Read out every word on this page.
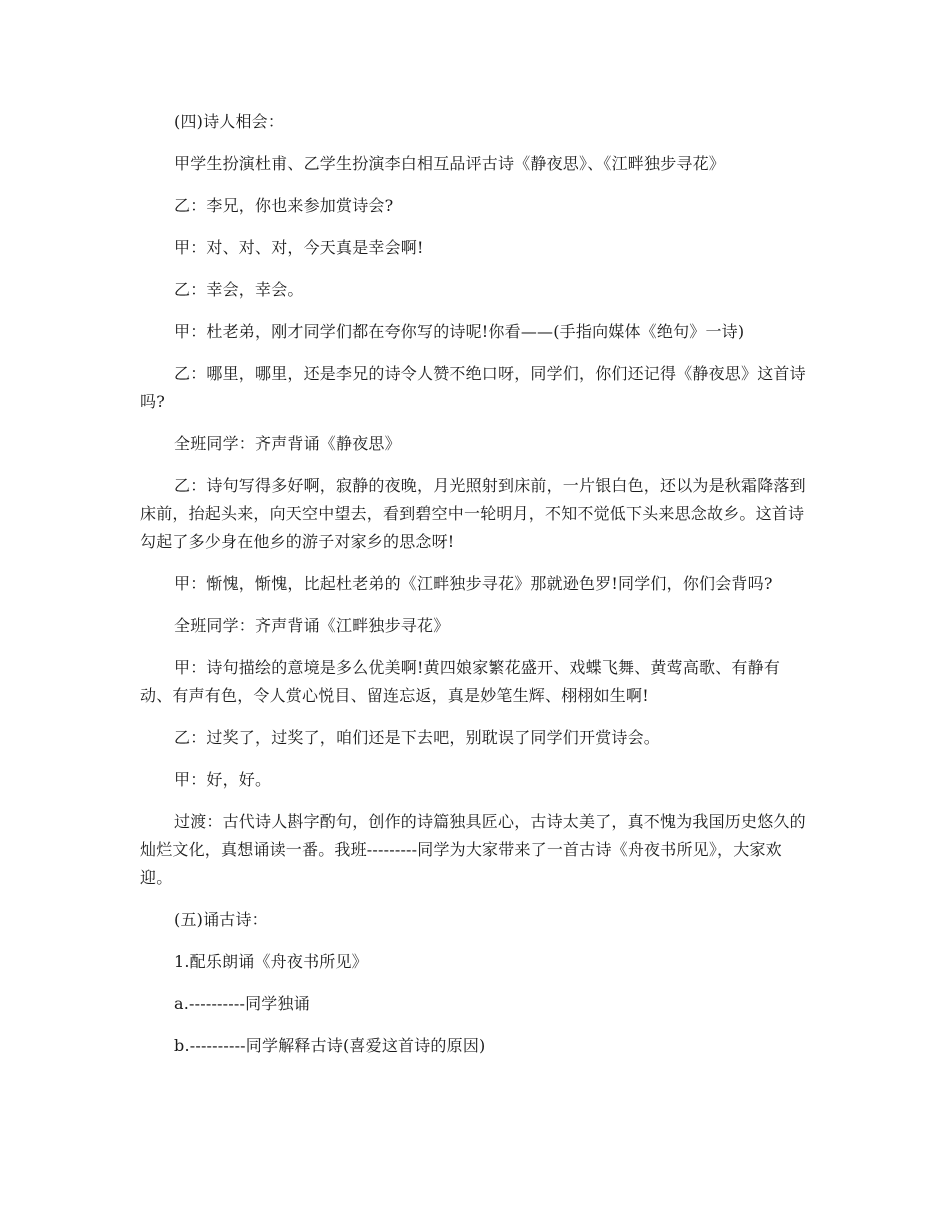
(四)诗人相会：

甲学生扮演杜甫、乙学生扮演李白相互品评古诗《静夜思》、《江畔独步寻花》

乙：李兄，你也来参加赏诗会?

甲：对、对、对，今天真是幸会啊!

乙：幸会，幸会。

甲：杜老弟，刚才同学们都在夸你写的诗呢!你看——(手指向媒体《绝句》一诗)

乙：哪里，哪里，还是李兄的诗令人赞不绝口呀，同学们，你们还记得《静夜思》这首诗吗?

全班同学：齐声背诵《静夜思》

乙：诗句写得多好啊，寂静的夜晚，月光照射到床前，一片银白色，还以为是秋霜降落到床前，抬起头来，向天空中望去，看到碧空中一轮明月，不知不觉低下头来思念故乡。这首诗勾起了多少身在他乡的游子对家乡的思念呀!

甲：惭愧，惭愧，比起杜老弟的《江畔独步寻花》那就逊色罗!同学们，你们会背吗?

全班同学：齐声背诵《江畔独步寻花》

甲：诗句描绘的意境是多么优美啊!黄四娘家繁花盛开、戏蝶飞舞、黄莺高歌、有静有动、有声有色，令人赏心悦目、留连忘返，真是妙笔生辉、栩栩如生啊!

乙：过奖了，过奖了，咱们还是下去吧，别耽误了同学们开赏诗会。

甲：好，好。

过渡：古代诗人斟字酌句，创作的诗篇独具匠心，古诗太美了，真不愧为我国历史悠久的灿烂文化，真想诵读一番。我班---------同学为大家带来了一首古诗《舟夜书所见》，大家欢迎。

(五)诵古诗：

1.配乐朗诵《舟夜书所见》

a.----------同学独诵

b.----------同学解释古诗(喜爱这首诗的原因)
